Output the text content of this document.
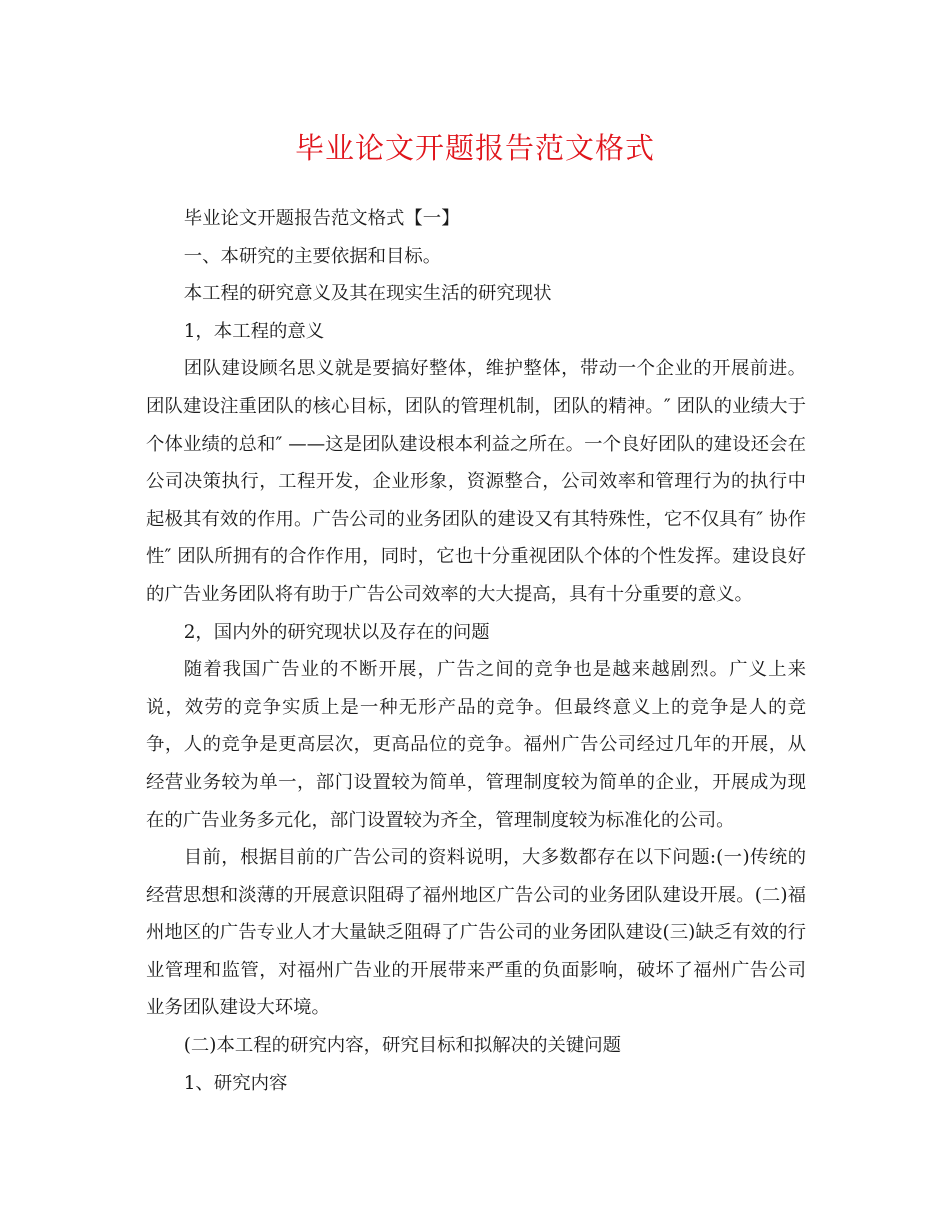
毕业论文开题报告范文格式

毕业论文开题报告范文格式【一】

一、本研究的主要依据和目标。

本工程的研究意义及其在现实生活的研究现状

1，本工程的意义

团队建设顾名思义就是要搞好整体，维护整体，带动一个企业的开展前进。团队建设注重团队的核心目标，团队的管理机制，团队的精神。″ 团队的业绩大于个体业绩的总和″ ——这是团队建设根本利益之所在。一个良好团队的建设还会在公司决策执行，工程开发，企业形象，资源整合，公司效率和管理行为的执行中起极其有效的作用。广告公司的业务团队的建设又有其特殊性，它不仅具有″ 协作性″ 团队所拥有的合作作用，同时，它也十分重视团队个体的个性发挥。建设良好的广告业务团队将有助于广告公司效率的大大提高，具有十分重要的意义。

2，国内外的研究现状以及存在的问题

随着我国广告业的不断开展，广告之间的竞争也是越来越剧烈。广义上来说，效劳的竞争实质上是一种无形产品的竞争。但最终意义上的竞争是人的竞争，人的竞争是更高层次，更高品位的竞争。福州广告公司经过几年的开展，从经营业务较为单一，部门设置较为简单，管理制度较为简单的企业，开展成为现在的广告业务多元化，部门设置较为齐全，管理制度较为标准化的公司。

目前，根据目前的广告公司的资料说明，大多数都存在以下问题:(一)传统的经营思想和淡薄的开展意识阻碍了福州地区广告公司的业务团队建设开展。(二)福州地区的广告专业人才大量缺乏阻碍了广告公司的业务团队建设(三)缺乏有效的行业管理和监管，对福州广告业的开展带来严重的负面影响，破坏了福州广告公司业务团队建设大环境。

(二)本工程的研究内容，研究目标和拟解决的关键问题

1、研究内容
